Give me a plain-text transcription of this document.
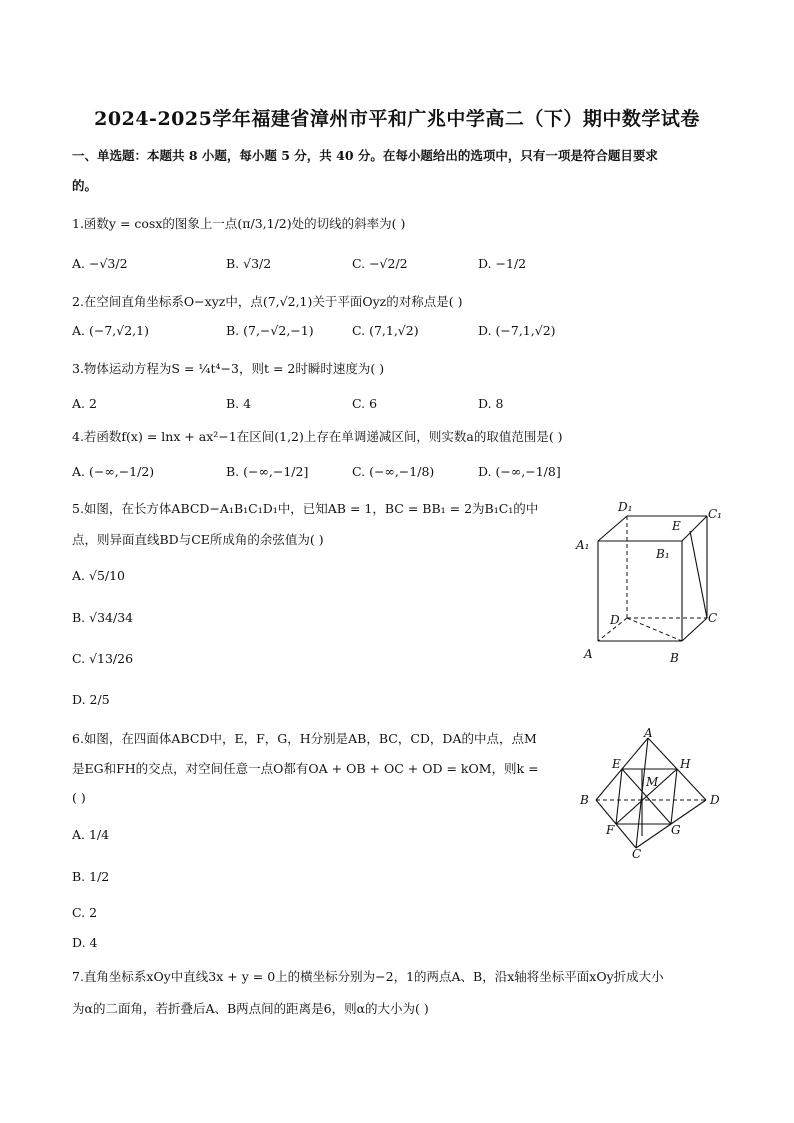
2024-2025学年福建省漳州市平和广兆中学高二（下）期中数学试卷
一、单选题：本题共 8 小题，每小题 5 分，共 40 分。在每小题给出的选项中，只有一项是符合题目要求
的。
1.函数y = cosx的图象上一点(π/3,1/2)处的切线的斜率为( )
A. −√3/2	B. √3/2	C. −√2/2	D. −1/2
2.在空间直角坐标系O−xyz中，点(7,√2,1)关于平面Oyz的对称点是( )
A. (−7,√2,1)	B. (7,−√2,−1)	C. (7,1,√2)	D. (−7,1,√2)
3.物体运动方程为S = ¼t⁴−3，则t = 2时瞬时速度为( )
A. 2	B. 4	C. 6	D. 8
4.若函数f(x) = lnx + ax²−1在区间(1,2)上存在单调递减区间，则实数a的取值范围是( )
A. (−∞,−1/2)	B. (−∞,−1/2]	C. (−∞,−1/8)	D. (−∞,−1/8]
5.如图，在长方体ABCD−A₁B₁C₁D₁中，已知AB = 1，BC = BB₁ = 2为B₁C₁的中
点，则异面直线BD与CE所成角的余弦值为( )
A. √5/10
B. √34/34
C. √13/26
D. 2/5
D₁	C₁
E
A₁
B₁
D	C
A	B
6.如图，在四面体ABCD中，E，F，G，H分别是AB，BC，CD，DA的中点，点M
是EG和FH的交点，对空间任意一点O都有OA + OB + OC + OD = kOM，则k =
( )
A. 1/4
B. 1/2
C. 2
D. 4
A
E	H
M
B	D
F	G
C
7.直角坐标系xOy中直线3x + y = 0上的横坐标分别为−2，1的两点A、B，沿x轴将坐标平面xOy折成大小
为α的二面角，若折叠后A、B两点间的距离是6，则α的大小为( )
